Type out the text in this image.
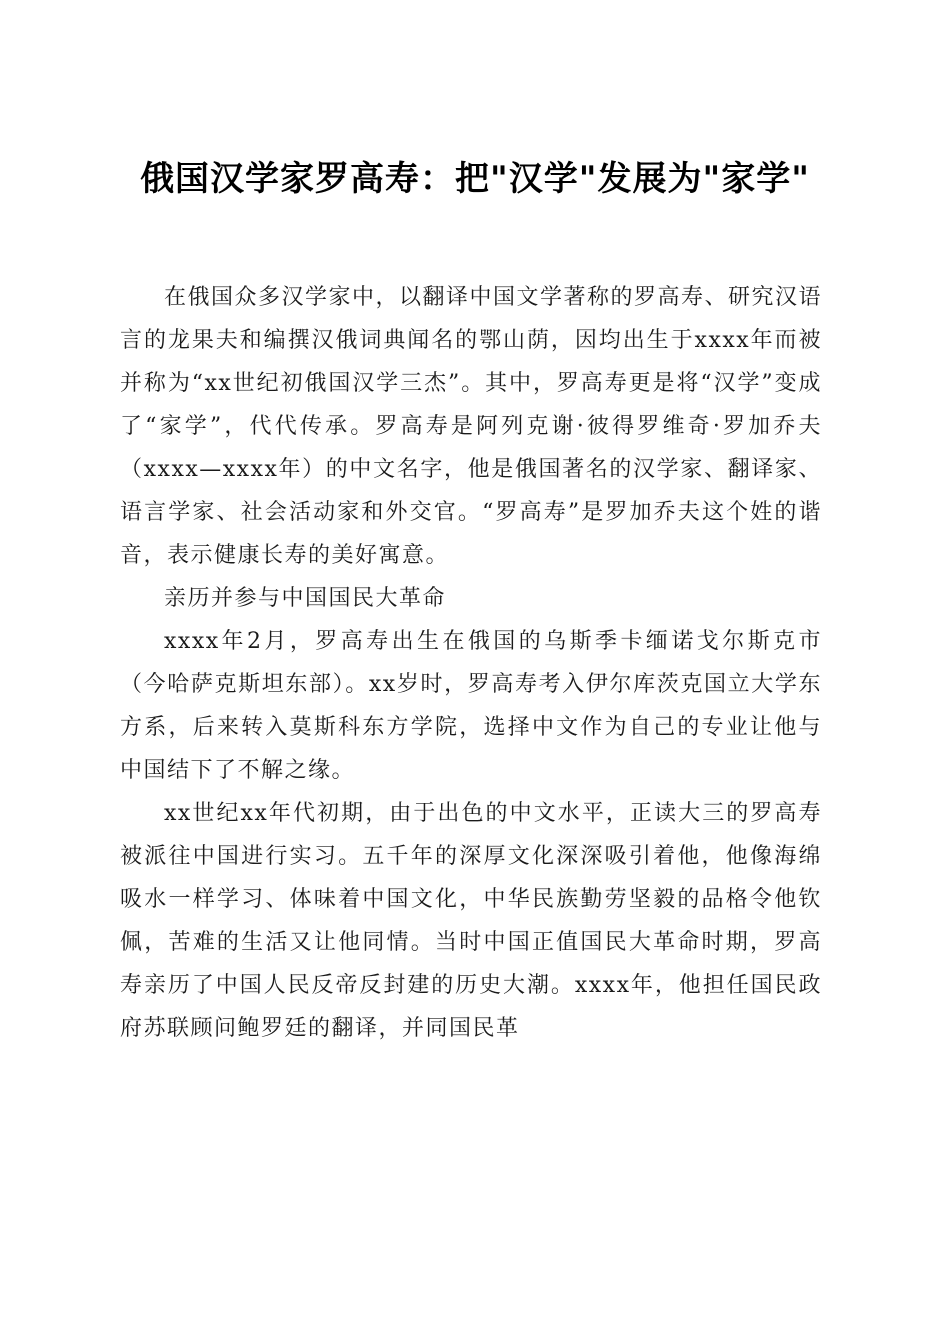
俄国汉学家罗高寿：把"汉学"发展为"家学"

在俄国众多汉学家中，以翻译中国文学著称的罗高寿、研究汉语言的龙果夫和编撰汉俄词典闻名的鄂山荫，因均出生于xxxx年而被并称为“xx世纪初俄国汉学三杰”。其中，罗高寿更是将“汉学”变成了“家学”，代代传承。罗高寿是阿列克谢·彼得罗维奇·罗加乔夫（xxxx—xxxx年）的中文名字，他是俄国著名的汉学家、翻译家、语言学家、社会活动家和外交官。“罗高寿”是罗加乔夫这个姓的谐音，表示健康长寿的美好寓意。

亲历并参与中国国民大革命

xxxx年2月，罗高寿出生在俄国的乌斯季卡缅诺戈尔斯克市（今哈萨克斯坦东部）。xx岁时，罗高寿考入伊尔库茨克国立大学东方系，后来转入莫斯科东方学院，选择中文作为自己的专业让他与中国结下了不解之缘。

xx世纪xx年代初期，由于出色的中文水平，正读大三的罗高寿被派往中国进行实习。五千年的深厚文化深深吸引着他，他像海绵吸水一样学习、体味着中国文化，中华民族勤劳坚毅的品格令他钦佩，苦难的生活又让他同情。当时中国正值国民大革命时期，罗高寿亲历了中国人民反帝反封建的历史大潮。xxxx年，他担任国民政府苏联顾问鲍罗廷的翻译，并同国民革
